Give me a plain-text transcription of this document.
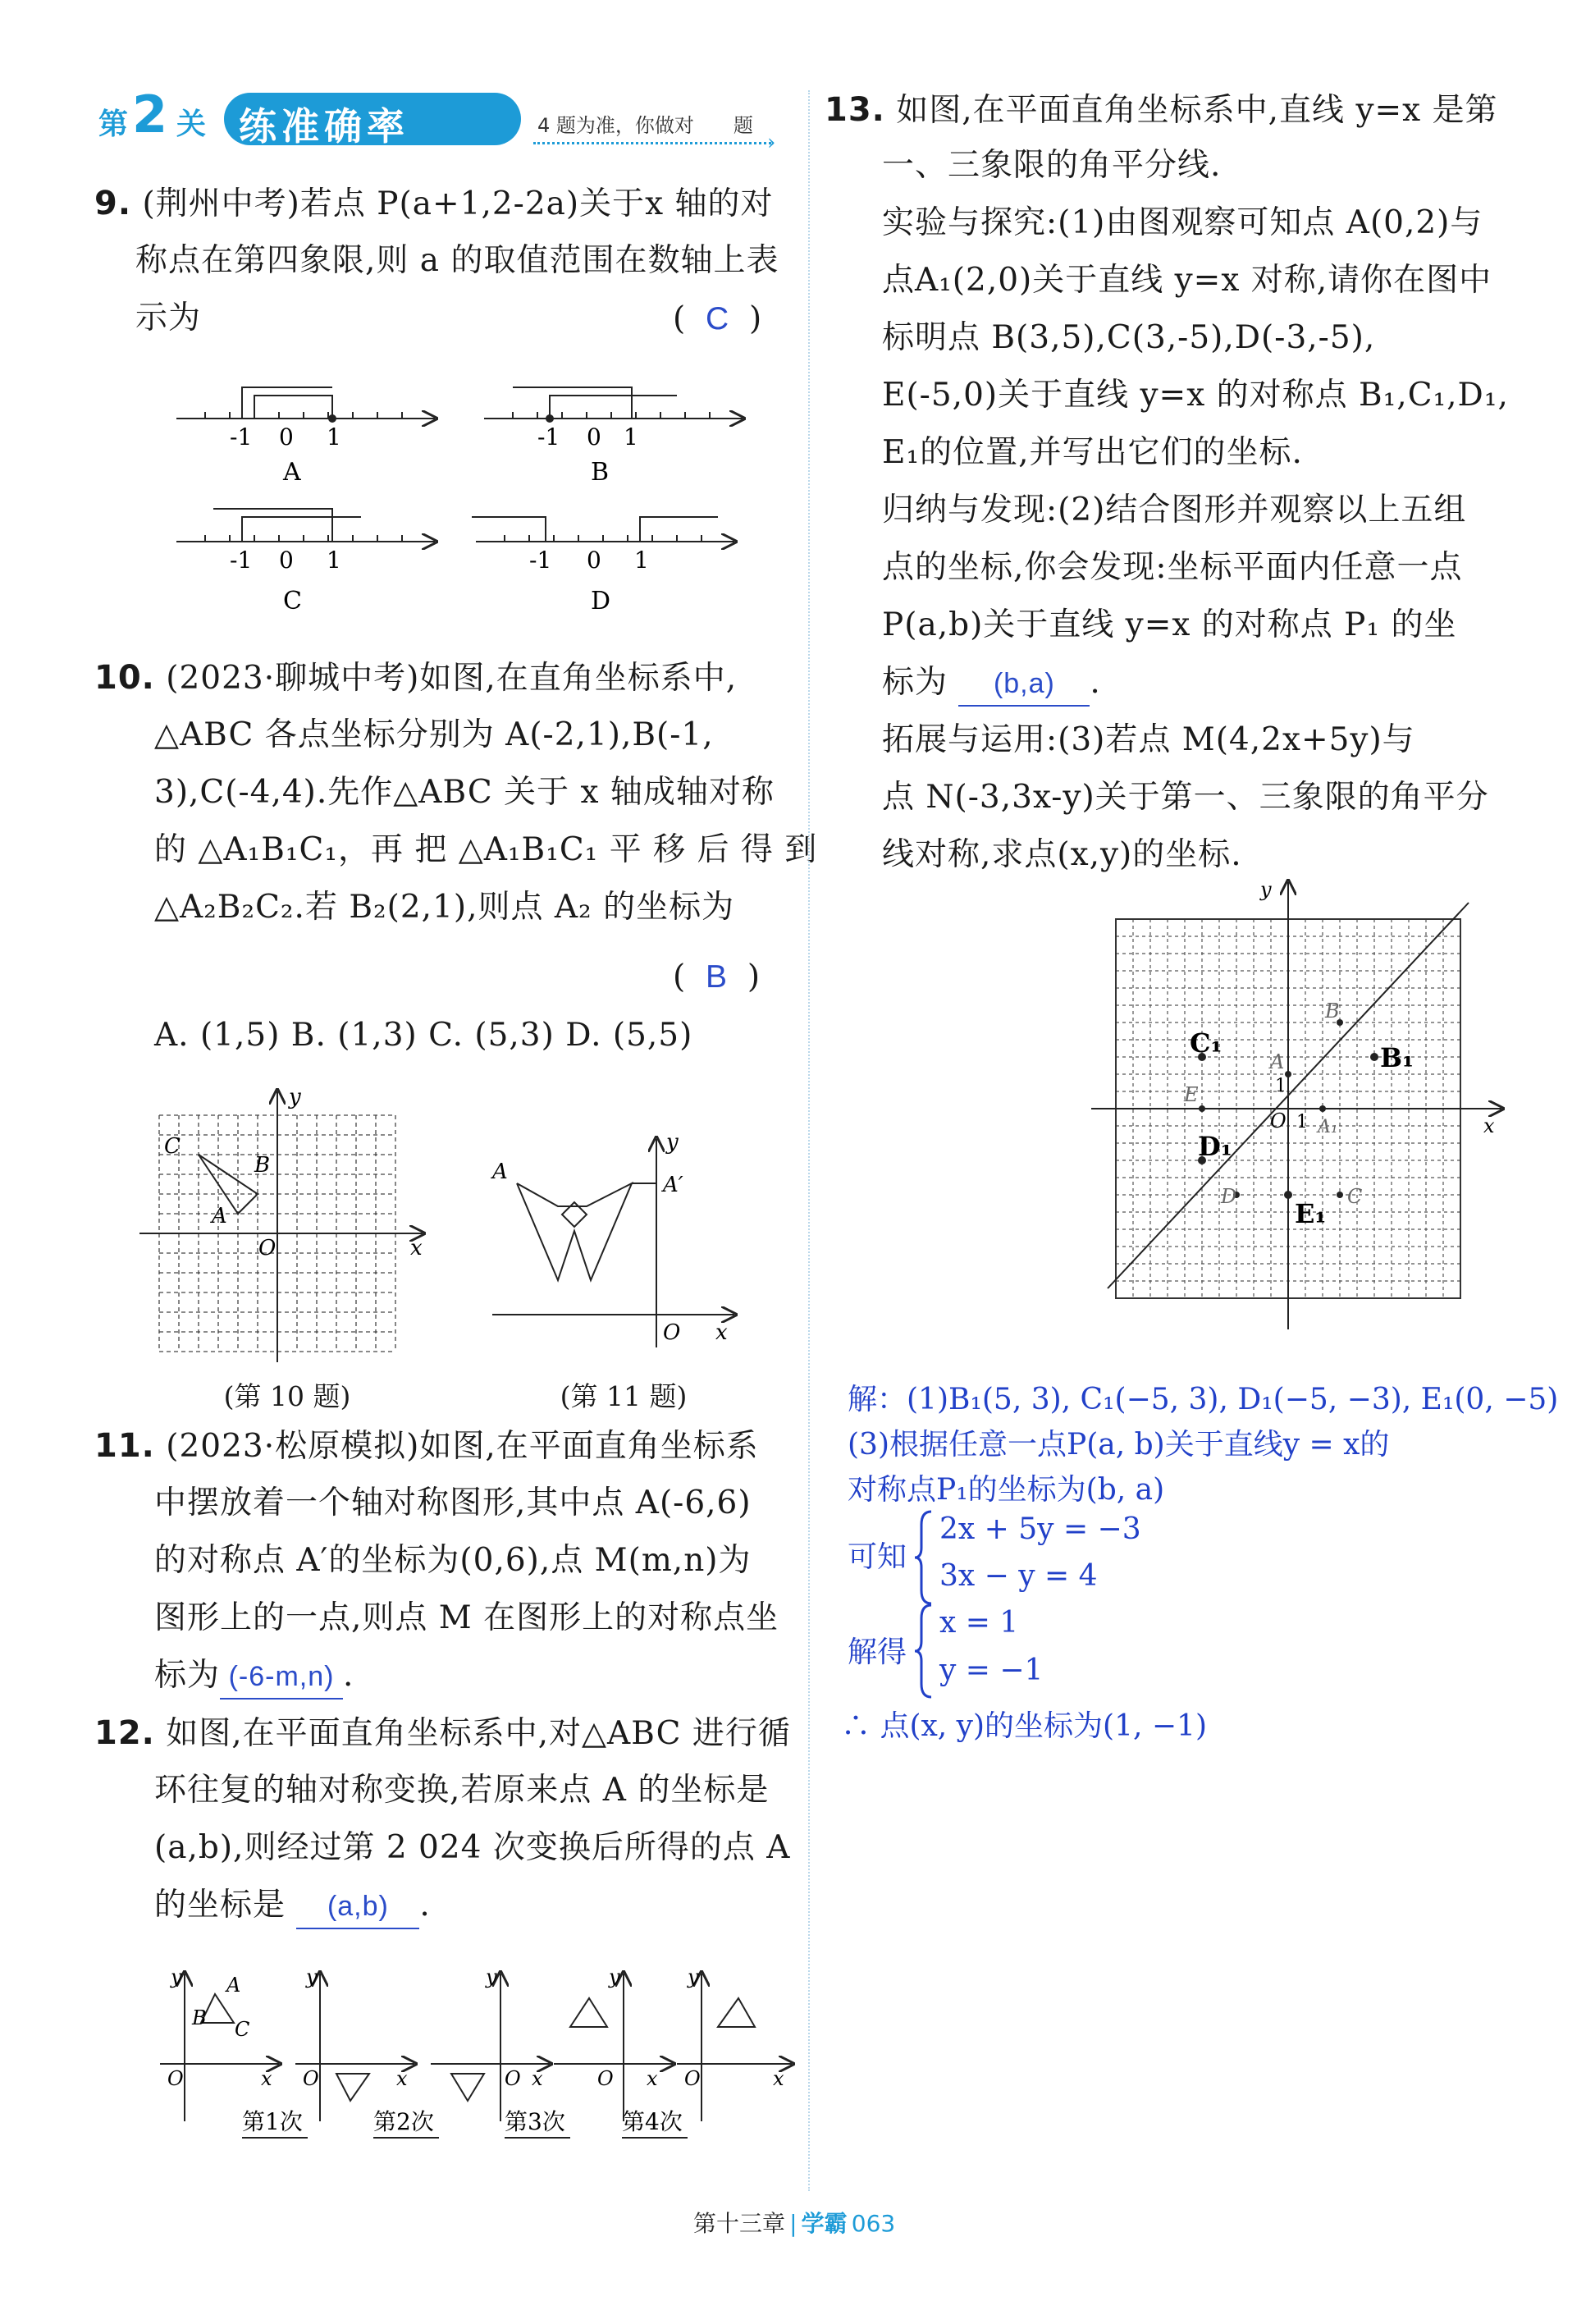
第 2 关 练准确率	4 题为准，你做对　　题
›
9. (荆州中考)若点 P(a+1,2-2a)关于x 轴的对
称点在第四象限,则 a 的取值范围在数轴上表
示为	(  C  )
-1 0 1
A
-1 0 1
B
-1 0 1
C
-1 0 1
D
10. (2023·聊城中考)如图,在直角坐标系中,
△ABC 各点坐标分别为 A(-2,1),B(-1,
3),C(-4,4).先作△ABC 关于 x 轴成轴对称
的 △A₁B₁C₁，再 把 △A₁B₁C₁ 平 移 后 得 到
△A₂B₂C₂.若 B₂(2,1),则点 A₂ 的坐标为
(  B  )
A. (1,5) B. (1,3) C. (5,3) D. (5,5)
C
B
A
O	x
y
A
A′
O x
y
(第 10 题)	(第 11 题)
11. (2023·松原模拟)如图,在平面直角坐标系
中摆放着一个轴对称图形,其中点 A(-6,6)
的对称点 A′的坐标为(0,6),点 M(m,n)为
图形上的一点,则点 M 在图形上的对称点坐
标为 (-6-m,n) .
12. 如图,在平面直角坐标系中,对△ABC 进行循
环往复的轴对称变换,若原来点 A 的坐标是
(a,b),则经过第 2 024 次变换后所得的点 A
的坐标是 (a,b) .
y A
B C
O	x
第1次
y
O	x
第2次
y
O x
第3次
y
O x
第4次
y
O	x
13. 如图,在平面直角坐标系中,直线 y=x 是第
一、三象限的角平分线.
实验与探究:(1)由图观察可知点 A(0,2)与
点A₁(2,0)关于直线 y=x 对称,请你在图中
标明点 B(3,5),C(3,-5),D(-3,-5),
E(-5,0)关于直线 y=x 的对称点 B₁,C₁,D₁,
E₁的位置,并写出它们的坐标.
归纳与发现:(2)结合图形并观察以上五组
点的坐标,你会发现:坐标平面内任意一点
P(a,b)关于直线 y=x 的对称点 P₁ 的坐
标为 (b,a) .
拓展与运用:(3)若点 M(4,2x+5y)与
点 N(-3,3x-y)关于第一、三象限的角平分
线对称,求点(x,y)的坐标.
y
x
A
B
C
D
E
A₁
O 1
1
B₁
C₁
D₁
E₁
解：(1)B₁(5, 3), C₁(−5, 3), D₁(−5, −3), E₁(0, −5)
(3)根据任意一点P(a, b)关于直线y = x的
对称点P₁的坐标为(b, a)
可知
2x + 5y = −3
3x − y = 4
解得
x = 1
y = −1
∴ 点(x, y)的坐标为(1, −1)
第十三章 | 学霸 063
